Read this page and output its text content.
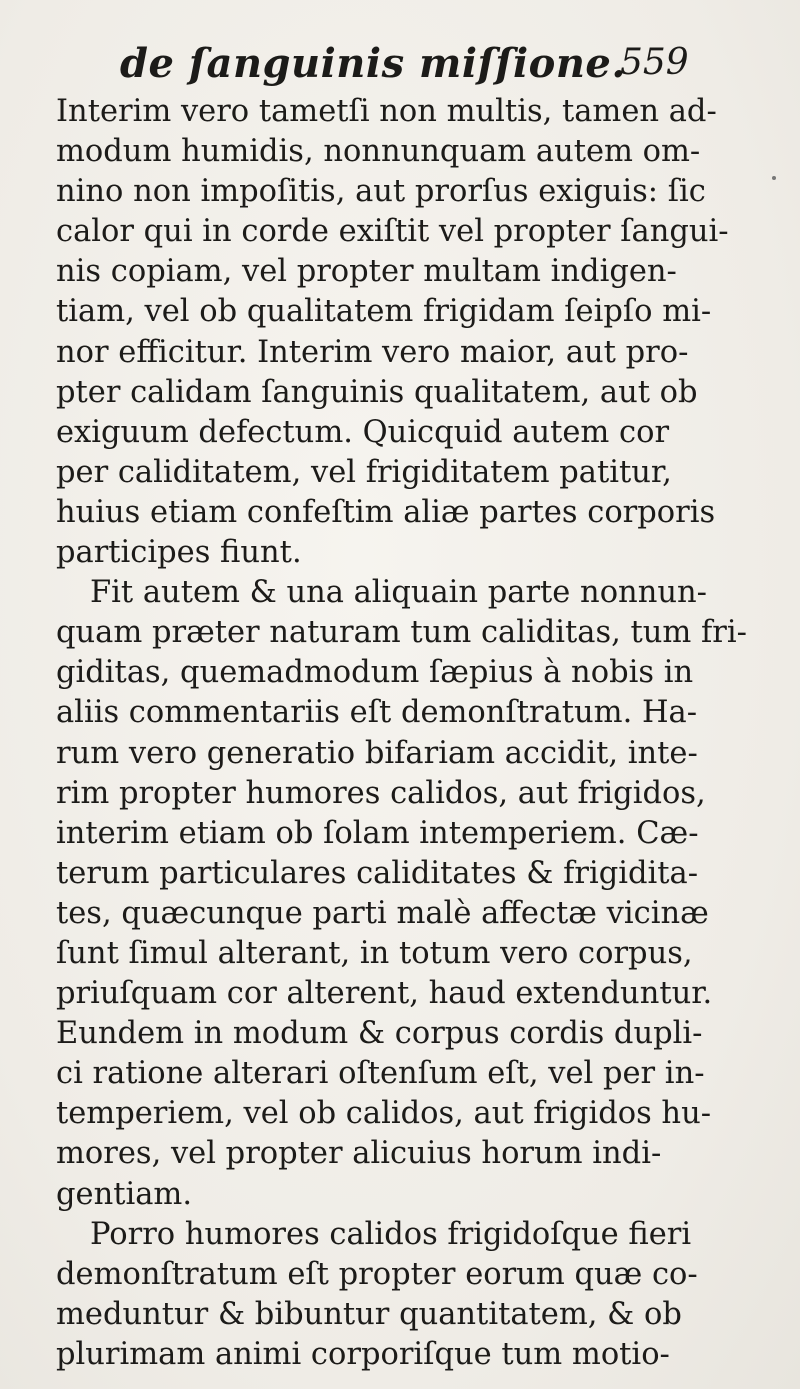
de ſanguinis miſſione.
559
Interim vero tametſi non multis, tamen ad-
modum humidis, nonnunquam autem om-
nino non impoſitis, aut prorſus exiguis: ſic
calor qui in corde exiſtit vel propter ſangui-
nis copiam, vel propter multam indigen-
tiam, vel ob qualitatem frigidam ſeipſo mi-
nor efficitur. Interim vero maior, aut pro-
pter calidam ſanguinis qualitatem, aut ob
exiguum defectum. Quicquid autem cor
per caliditatem, vel frigiditatem patitur,
huius etiam confeſtim aliæ partes corporis
participes fiunt.
Fit autem & una aliquain parte nonnun-
quam præter naturam tum caliditas, tum fri-
giditas, quemadmodum ſæpius à nobis in
aliis commentariis eſt demonſtratum. Ha-
rum vero generatio bifariam accidit, inte-
rim propter humores calidos, aut frigidos,
interim etiam ob ſolam intemperiem. Cæ-
terum particulares caliditates & frigidita-
tes, quæcunque parti malè affectæ vicinæ
ſunt ſimul alterant, in totum vero corpus,
priuſquam cor alterent, haud extenduntur.
Eundem in modum & corpus cordis dupli-
ci ratione alterari oſtenſum eſt, vel per in-
temperiem, vel ob calidos, aut frigidos hu-
mores, vel propter alicuius horum indi-
gentiam.
Porro humores calidos frigidoſque fieri
demonſtratum eſt propter eorum quæ co-
meduntur & bibuntur quantitatem, & ob
plurimam animi corporiſque tum motio-
